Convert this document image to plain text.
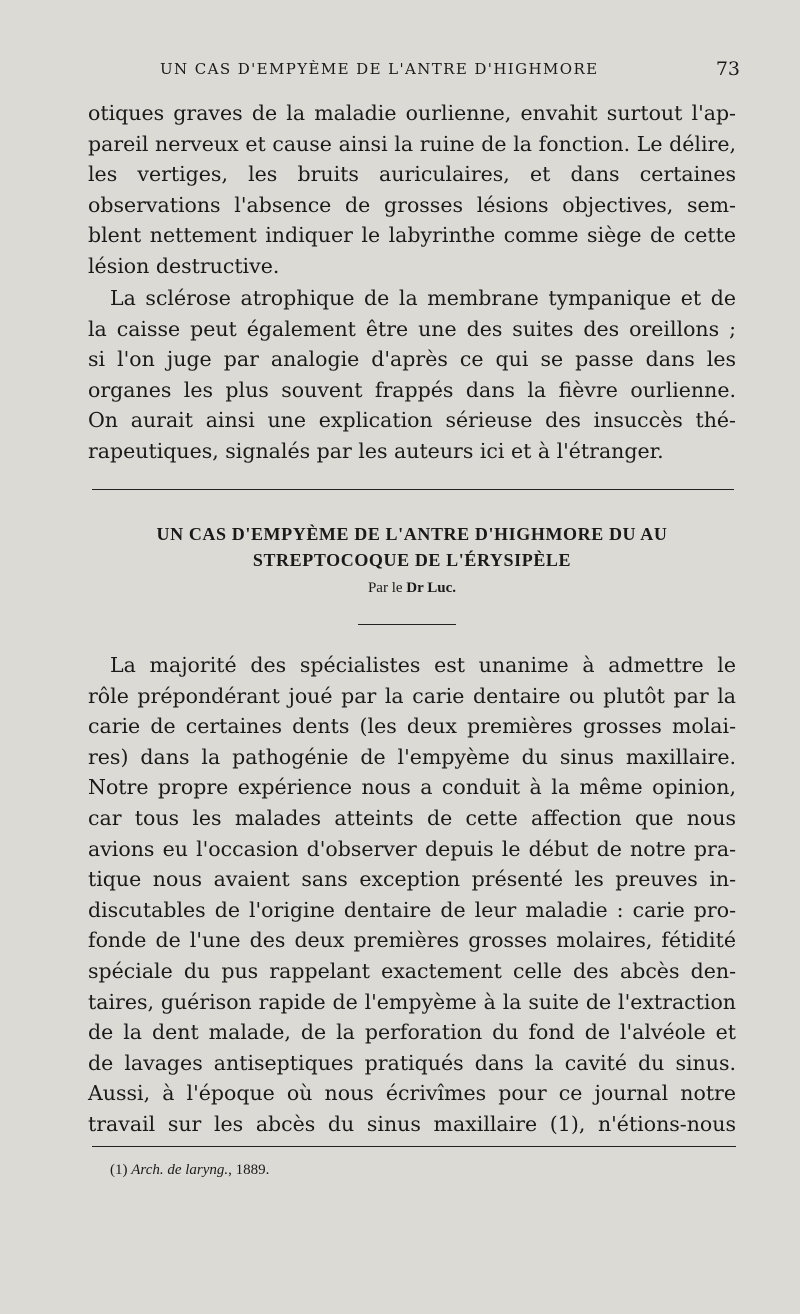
UN CAS D'EMPYÈME DE L'ANTRE D'HIGHMORE	73
otiques graves de la maladie ourlienne, envahit surtout l'ap-
pareil nerveux et cause ainsi la ruine de la fonction. Le délire,
les vertiges, les bruits auriculaires, et dans certaines
observations l'absence de grosses lésions objectives, sem-
blent nettement indiquer le labyrinthe comme siège de cette
lésion destructive.
La sclérose atrophique de la membrane tympanique et de
la caisse peut également être une des suites des oreillons ;
si l'on juge par analogie d'après ce qui se passe dans les
organes les plus souvent frappés dans la fièvre ourlienne.
On aurait ainsi une explication sérieuse des insuccès thé-
rapeutiques, signalés par les auteurs ici et à l'étranger.

UN CAS D'EMPYÈME DE L'ANTRE D'HIGHMORE DU AU

STREPTOCOQUE DE L'ÉRYSIPÈLE

Par le Dr Luc.
La majorité des spécialistes est unanime à admettre le
rôle prépondérant joué par la carie dentaire ou plutôt par la
carie de certaines dents (les deux premières grosses molai-
res) dans la pathogénie de l'empyème du sinus maxillaire.
Notre propre expérience nous a conduit à la même opinion,
car tous les malades atteints de cette affection que nous
avions eu l'occasion d'observer depuis le début de notre pra-
tique nous avaient sans exception présenté les preuves in-
discutables de l'origine dentaire de leur maladie : carie pro-
fonde de l'une des deux premières grosses molaires, fétidité
spéciale du pus rappelant exactement celle des abcès den-
taires, guérison rapide de l'empyème à la suite de l'extraction
de la dent malade, de la perforation du fond de l'alvéole et
de lavages antiseptiques pratiqués dans la cavité du sinus.
Aussi, à l'époque où nous écrivîmes pour ce journal notre
travail sur les abcès du sinus maxillaire (1), n'étions-nous
(1) Arch. de laryng., 1889.
